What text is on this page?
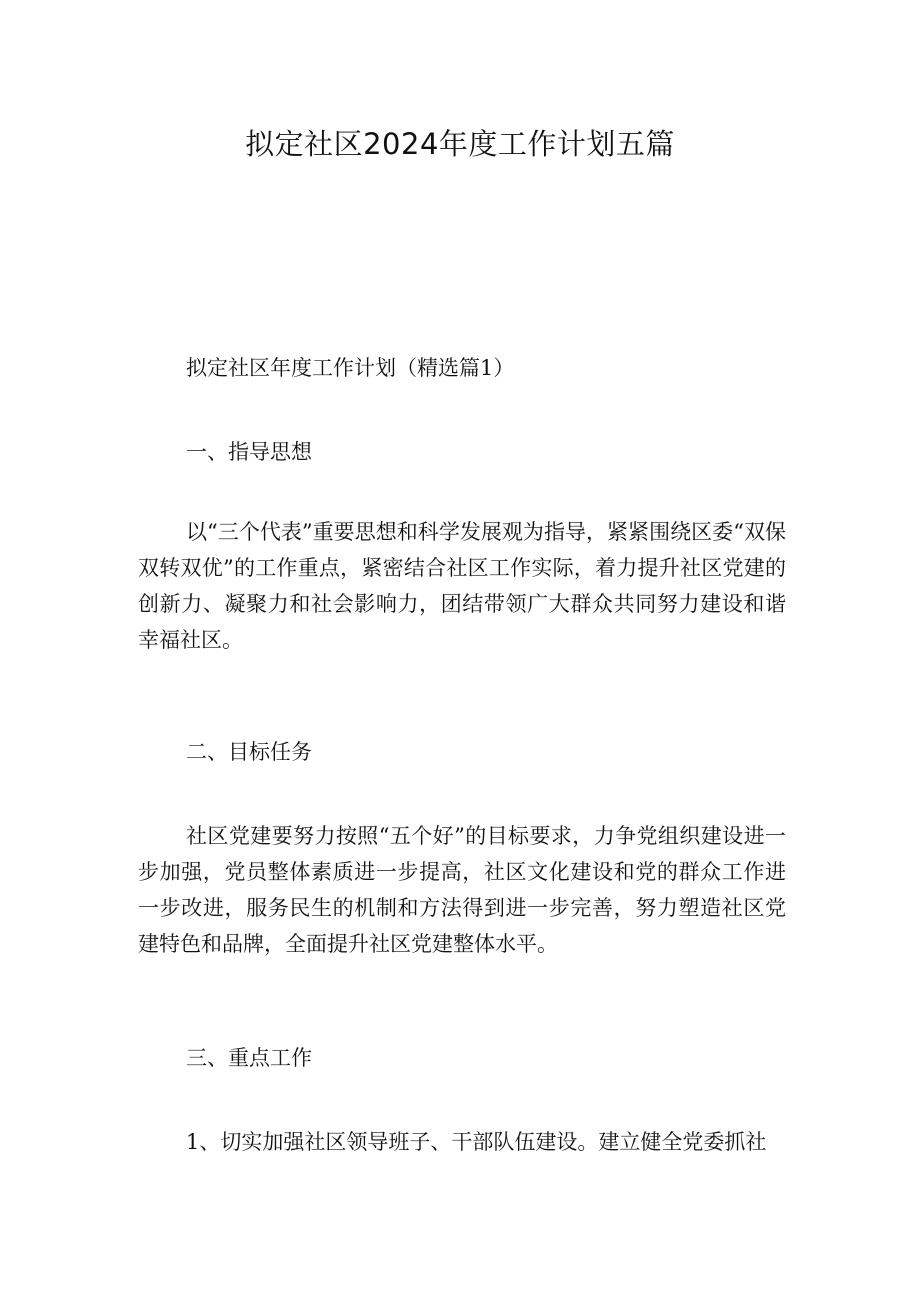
拟定社区2024年度工作计划五篇

拟定社区年度工作计划（精选篇1）

一、指导思想

以“三个代表”重要思想和科学发展观为指导，紧紧围绕区委“双保双转双优”的工作重点，紧密结合社区工作实际，着力提升社区党建的创新力、凝聚力和社会影响力，团结带领广大群众共同努力建设和谐幸福社区。

二、目标任务

社区党建要努力按照“五个好”的目标要求，力争党组织建设进一步加强，党员整体素质进一步提高，社区文化建设和党的群众工作进一步改进，服务民生的机制和方法得到进一步完善，努力塑造社区党建特色和品牌，全面提升社区党建整体水平。

三、重点工作

1、切实加强社区领导班子、干部队伍建设。建立健全党委抓社
